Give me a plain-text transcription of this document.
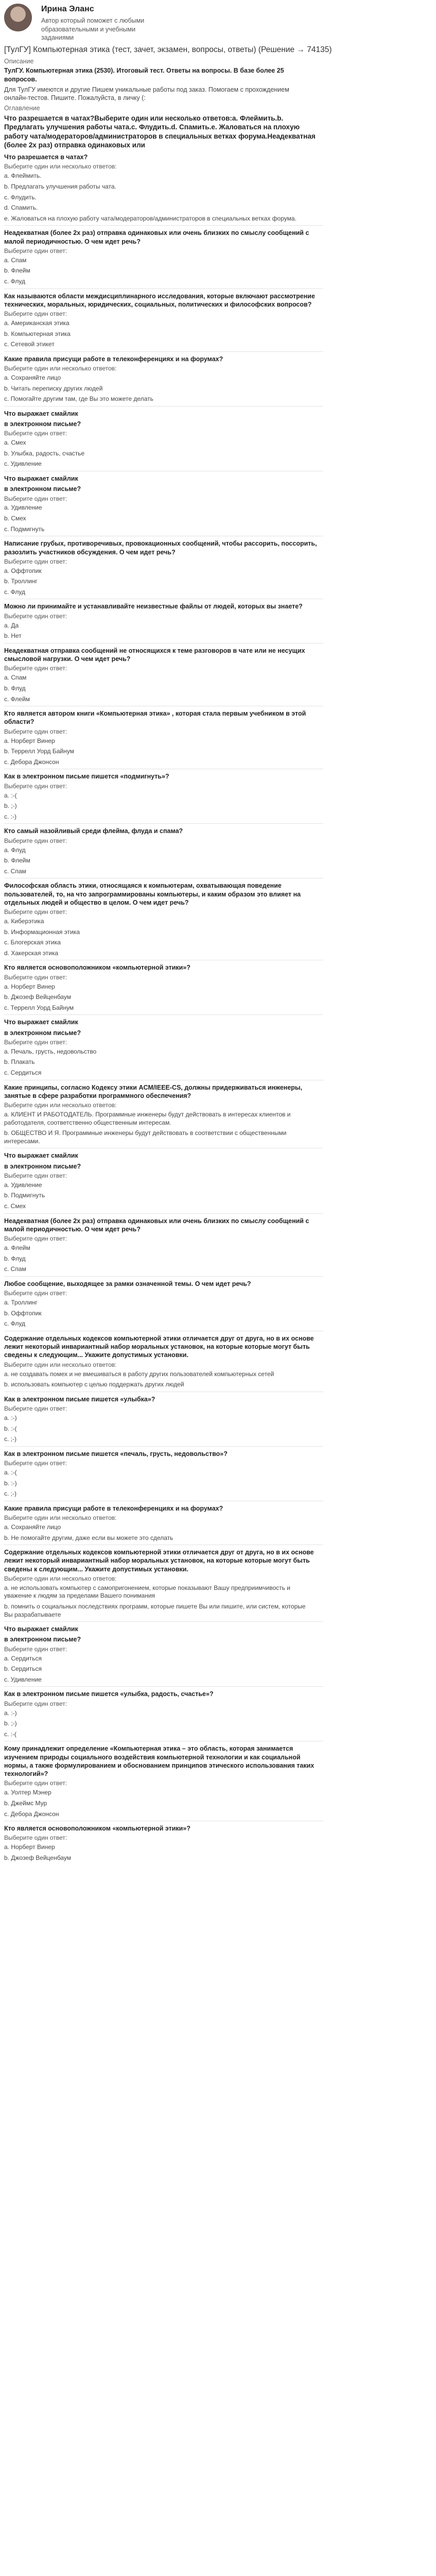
Ирина Эланс
Автор который поможет с любыми образовательными и учебными заданиями
[ТулГУ] Компьютерная этика (тест, зачет, экзамен, вопросы, ответы) (Решение → 74135)
Описание
ТулГУ. Компьютерная этика (2530). Итоговый тест. Ответы на вопросы. В базе более 25 вопросов.
Для ТулГУ имеются и другие Пишем уникальные работы под заказ. Помогаем с прохождением онлайн-тестов. Пишите. Пожалуйста, в личку (:
Оглавление
Что разрешается в чатах?Выберите один или несколько ответов:a. Флеймить.b. Предлагать улучшения работы чата.c. Флудить.d. Спамить.e. Жаловаться на плохую работу чата/модераторов/администраторов в специальных ветках форума.Неадекватная (более 2х раз) отправка одинаковых или
Что разрешается в чатах?
Выберите один или несколько ответов:
a. Флеймить.
b. Предлагать улучшения работы чата.
c. Флудить.
d. Спамить.
e. Жаловаться на плохую работу чата/модераторов/администраторов в специальных ветках форума.
Неадекватная (более 2х раз) отправка одинаковых или очень близких по смыслу сообщений с малой периодичностью. О чем идет речь?
Выберите один ответ:
a. Спам
b. Флейм
c. Флуд
Как называются области междисциплинарного исследования, которые включают рассмотрение технических, моральных, юридических, социальных, политических и философских вопросов?
Выберите один ответ:
a. Американская этика
b. Компьютерная этика
c. Сетевой этикет
Какие правила присущи работе в телеконференциях и на форумах?
Выберите один или несколько ответов:
a. Сохраняйте лицо
b. Читать переписку других людей
c. Помогайте другим там, где Вы это можете делать
Что выражает смайлик
в электронном письме?
Выберите один ответ:
a. Смех
b. Улыбка, радость, счастье
c. Удивление
Что выражает смайлик
в электронном письме?
Выберите один ответ:
a. Удивление
b. Смех
c. Подмигнуть
Написание грубых, противоречивых, провокационных сообщений, чтобы рассорить, поссорить, разозлить участников обсуждения. О чем идет речь?
Выберите один ответ:
a. Оффтопик
b. Троллинг
c. Флуд
Можно ли принимайте и устанавливайте неизвестные файлы от людей, которых вы знаете?
Выберите один ответ:
a. Да
b. Нет
Неадекватная отправка сообщений не относящихся к теме разговоров в чате или не несущих смысловой нагрузки. О чем идет речь?
Выберите один ответ:
a. Спам
b. Флуд
c. Флейм
Кто является автором книги «Компьютерная этика» , которая стала первым учебником в этой области?
Выберите один ответ:
a. Норберт Винер
b. Террелл Уорд Байнум
c. Дебора Джонсон
Как в электронном письме пишется «подмигнуть»?
Выберите один ответ:
a. :-(
b. ;-)
c. :-)
Кто самый назойливый среди флейма, флуда и спама?
Выберите один ответ:
a. Флуд
b. Флейм
c. Спам
Философская область этики, относящаяся к компьютерам, охватывающая поведение пользователей, то, на что запрограммированы компьютеры, и каким образом это влияет на отдельных людей и общество в целом. О чем идет речь?
Выберите один ответ:
a. Киберэтика
b. Информационная этика
c. Блогерская этика
d. Хакерская этика
Кто является основоположником «компьютерной этики»?
Выберите один ответ:
a. Норберт Винер
b. Джозеф Вейценбаум
c. Террелл Уорд Байнум
Что выражает смайлик
в электронном письме?
Выберите один ответ:
a. Печаль, грусть, недовольство
b. Плакать
c. Сердиться
Какие принципы, согласно Кодексу этики ACM/IEEE-CS, должны придерживаться инженеры, занятые в сфере разработки программного обеспечения?
Выберите один или несколько ответов:
a. КЛИЕНТ И РАБОТОДАТЕЛЬ. Программные инженеры будут действовать в интересах клиентов и работодателя, соответственно общественным интересам.
b. ОБЩЕСТВО И Я. Программные инженеры будут действовать в соответствии с общественными интересами.
Что выражает смайлик
в электронном письме?
Выберите один ответ:
a. Удивление
b. Подмигнуть
c. Смех
Неадекватная (более 2х раз) отправка одинаковых или очень близких по смыслу сообщений с малой периодичностью. О чем идет речь?
Выберите один ответ:
a. Флейм
b. Флуд
c. Спам
Любое сообщение, выходящее за рамки означенной темы. О чем идет речь?
Выберите один ответ:
a. Троллинг
b. Оффтопик
c. Флуд
Содержание отдельных кодексов компьютерной этики отличается друг от друга, но в их основе лежит некоторый инвариантный набор моральных установок, на которые которые могут быть сведены к следующим... Укажите допустимых установки.
Выберите один или несколько ответов:
a. не создавать помех и не вмешиваться в работу других пользователей компьютерных сетей
b. использовать компьютер с целью поддержать других людей
Как в электронном письме пишется «улыбка»?
Выберите один ответ:
a. :-)
b. :-(
c. ;-)
Как в электронном письме пишется «печаль, грусть, недовольство»?
Выберите один ответ:
a. :-(
b. :-)
c. ;-)
Какие правила присущи работе в телеконференциях и на форумах?
Выберите один или несколько ответов:
a. Сохраняйте лицо
b. Не помогайте другим, даже если вы можете это сделать
Содержание отдельных кодексов компьютерной этики отличается друг от друга, но в их основе лежит некоторый инвариантный набор моральных установок, на которые которые могут быть сведены к следующим... Укажите допустимых установки.
Выберите один или несколько ответов:
a. не использовать компьютер с самопригонением, которые показывают Вашу предприимчивость и уважение к людям за пределами Вашего понимания
b. помнить о социальных последствиях программ, которые пишете Вы или пишите, или систем, которые Вы разрабатываете
Что выражает смайлик
в электронном письме?
Выберите один ответ:
a. Сердиться
b. Сердиться
c. Удивление
Как в электронном письме пишется «улыбка, радость, счастье»?
Выберите один ответ:
a. :-)
b. ;-)
c. :-(
Кому принадлежит определение «Компьютерная этика – это область, которая занимается изучением природы социального воздействия компьютерной технологии и как социальной нормы, а также формулированием и обоснованием принципов этического использования таких технологий»?
Выберите один ответ:
a. Уолтер Мэнер
b. Джеймс Мур
c. Дебора Джонсон
Кто является основоположником «компьютерной этики»?
Выберите один ответ:
a. Норберт Винер
b. Джозеф Вейценбаум
